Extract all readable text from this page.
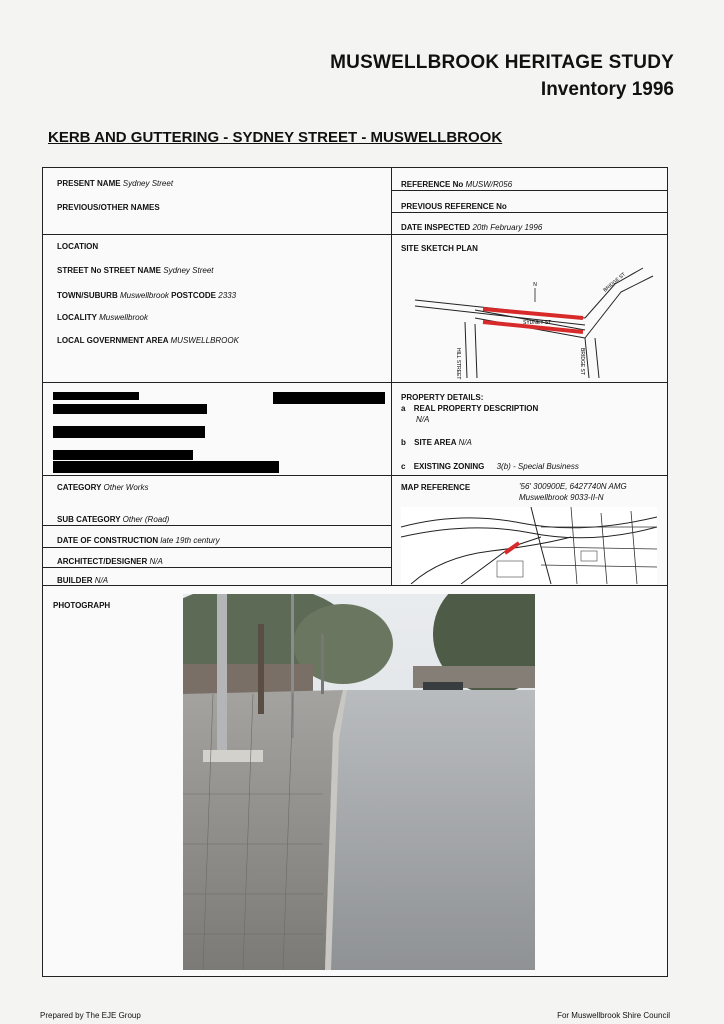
MUSWELLBROOK HERITAGE STUDY
Inventory 1996
KERB AND GUTTERING - SYDNEY STREET - MUSWELLBROOK
PRESENT NAME Sydney Street
PREVIOUS/OTHER NAMES
REFERENCE No MUSW/R056
PREVIOUS REFERENCE No
DATE INSPECTED 20th February 1996
LOCATION
STREET No STREET NAME Sydney Street
TOWN/SUBURB Muswellbrook POSTCODE 2333
LOCALITY Muswellbrook
LOCAL GOVERNMENT AREA MUSWELLBROOK
SITE SKETCH PLAN
N
SYDNEY ST
BRIDGE ST
HILL STREET	BRIDGE ST
PROPERTY DETAILS:
a REAL PROPERTY DESCRIPTION
N/A
b SITE AREA N/A
c EXISTING ZONING 3(b) - Special Business
CATEGORY Other Works
SUB CATEGORY Other (Road)
DATE OF CONSTRUCTION late 19th century
ARCHITECT/DESIGNER N/A
BUILDER N/A
MAP REFERENCE	'56' 300900E, 6427740N AMG
Muswellbrook 9033-II-N
PHOTOGRAPH
Prepared by The EJE Group	For Muswellbrook Shire Council
